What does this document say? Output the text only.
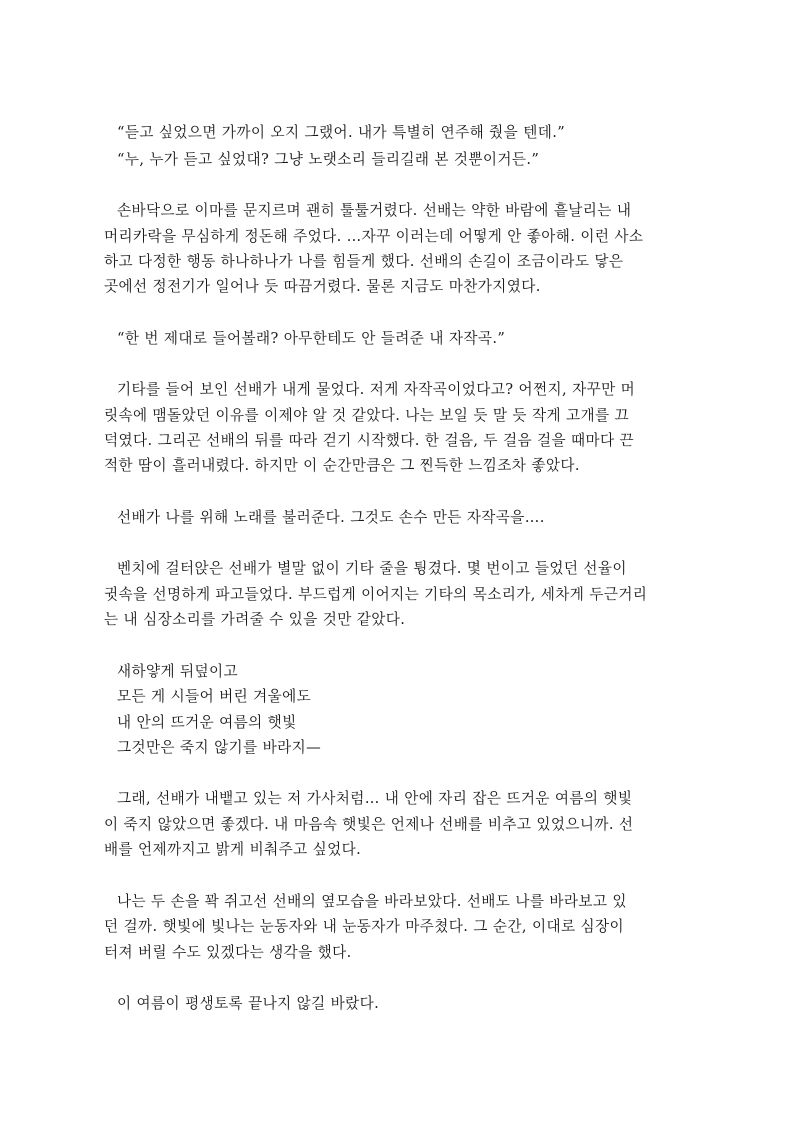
“듣고 싶었으면 가까이 오지 그랬어. 내가 특별히 연주해 줬을 텐데.”
“누, 누가 듣고 싶었대? 그냥 노랫소리 들리길래 본 것뿐이거든.”
손바닥으로 이마를 문지르며 괜히 툴툴거렸다. 선배는 약한 바람에 흩날리는 내
머리카락을 무심하게 정돈해 주었다. …자꾸 이러는데 어떻게 안 좋아해. 이런 사소
하고 다정한 행동 하나하나가 나를 힘들게 했다. 선배의 손길이 조금이라도 닿은
곳에선 정전기가 일어나 듯 따끔거렸다. 물론 지금도 마찬가지였다.
“한 번 제대로 들어볼래? 아무한테도 안 들려준 내 자작곡.”
기타를 들어 보인 선배가 내게 물었다. 저게 자작곡이었다고? 어쩐지, 자꾸만 머
릿속에 맴돌았던 이유를 이제야 알 것 같았다. 나는 보일 듯 말 듯 작게 고개를 끄
덕였다. 그리곤 선배의 뒤를 따라 걷기 시작했다. 한 걸음, 두 걸음 걸을 때마다 끈
적한 땀이 흘러내렸다. 하지만 이 순간만큼은 그 찐득한 느낌조차 좋았다.
선배가 나를 위해 노래를 불러준다. 그것도 손수 만든 자작곡을….
벤치에 걸터앉은 선배가 별말 없이 기타 줄을 튕겼다. 몇 번이고 들었던 선율이
귓속을 선명하게 파고들었다. 부드럽게 이어지는 기타의 목소리가, 세차게 두근거리
는 내 심장소리를 가려줄 수 있을 것만 같았다.
새하얗게 뒤덮이고
모든 게 시들어 버린 겨울에도
내 안의 뜨거운 여름의 햇빛
그것만은 죽지 않기를 바라지—
그래, 선배가 내뱉고 있는 저 가사처럼… 내 안에 자리 잡은 뜨거운 여름의 햇빛
이 죽지 않았으면 좋겠다. 내 마음속 햇빛은 언제나 선배를 비추고 있었으니까. 선
배를 언제까지고 밝게 비춰주고 싶었다.
나는 두 손을 꽉 쥐고선 선배의 옆모습을 바라보았다. 선배도 나를 바라보고 있
던 걸까. 햇빛에 빛나는 눈동자와 내 눈동자가 마주쳤다. 그 순간, 이대로 심장이
터져 버릴 수도 있겠다는 생각을 했다.
이 여름이 평생토록 끝나지 않길 바랐다.
